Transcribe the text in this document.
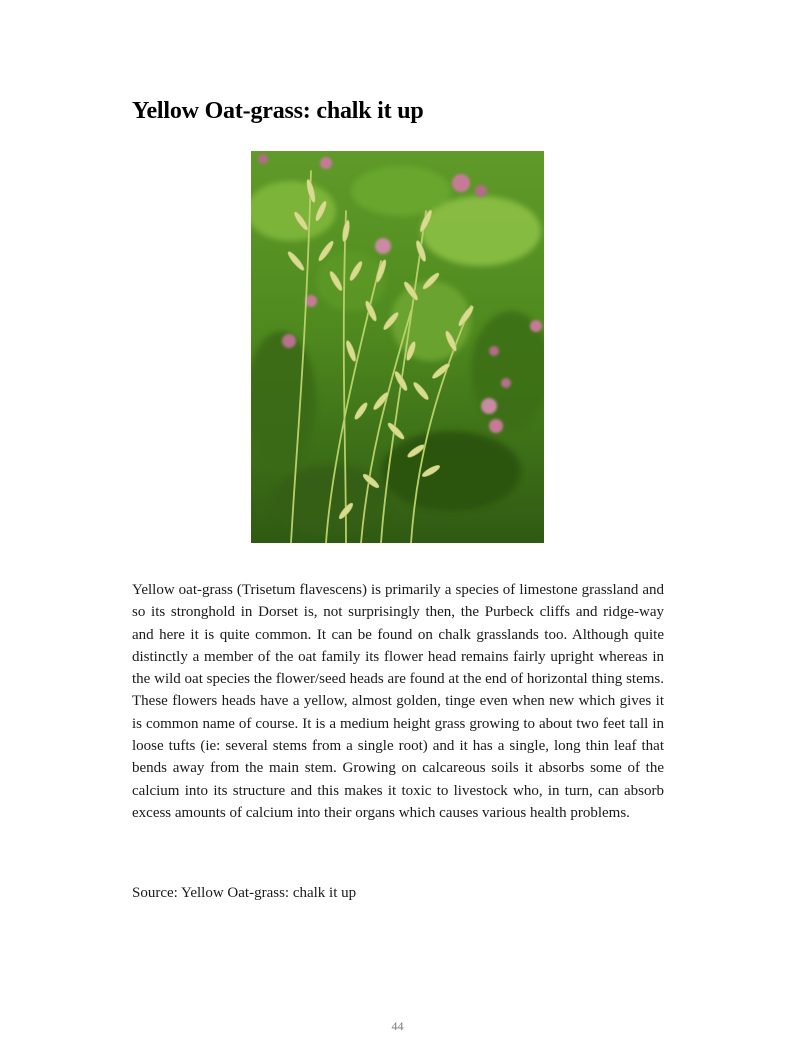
Yellow Oat-grass: chalk it up

Yellow oat-grass (Trisetum flavescens) is primarily a species of limestone grassland and so its stronghold in Dorset is, not surprisingly then, the Purbeck cliffs and ridge-way and here it is quite common. It can be found on chalk grasslands too. Although quite distinctly a member of the oat family its flower head remains fairly upright whereas in the wild oat species the flower/seed heads are found at the end of horizontal thing stems. These flowers heads have a yellow, almost golden, tinge even when new which gives it is common name of course. It is a medium height grass growing to about two feet tall in loose tufts (ie: several stems from a single root) and it has a single, long thin leaf that bends away from the main stem. Growing on calcareous soils it absorbs some of the calcium into its structure and this makes it toxic to livestock who, in turn, can absorb excess amounts of calcium into their organs which causes various health problems.

Source: Yellow Oat-grass: chalk it up

44
